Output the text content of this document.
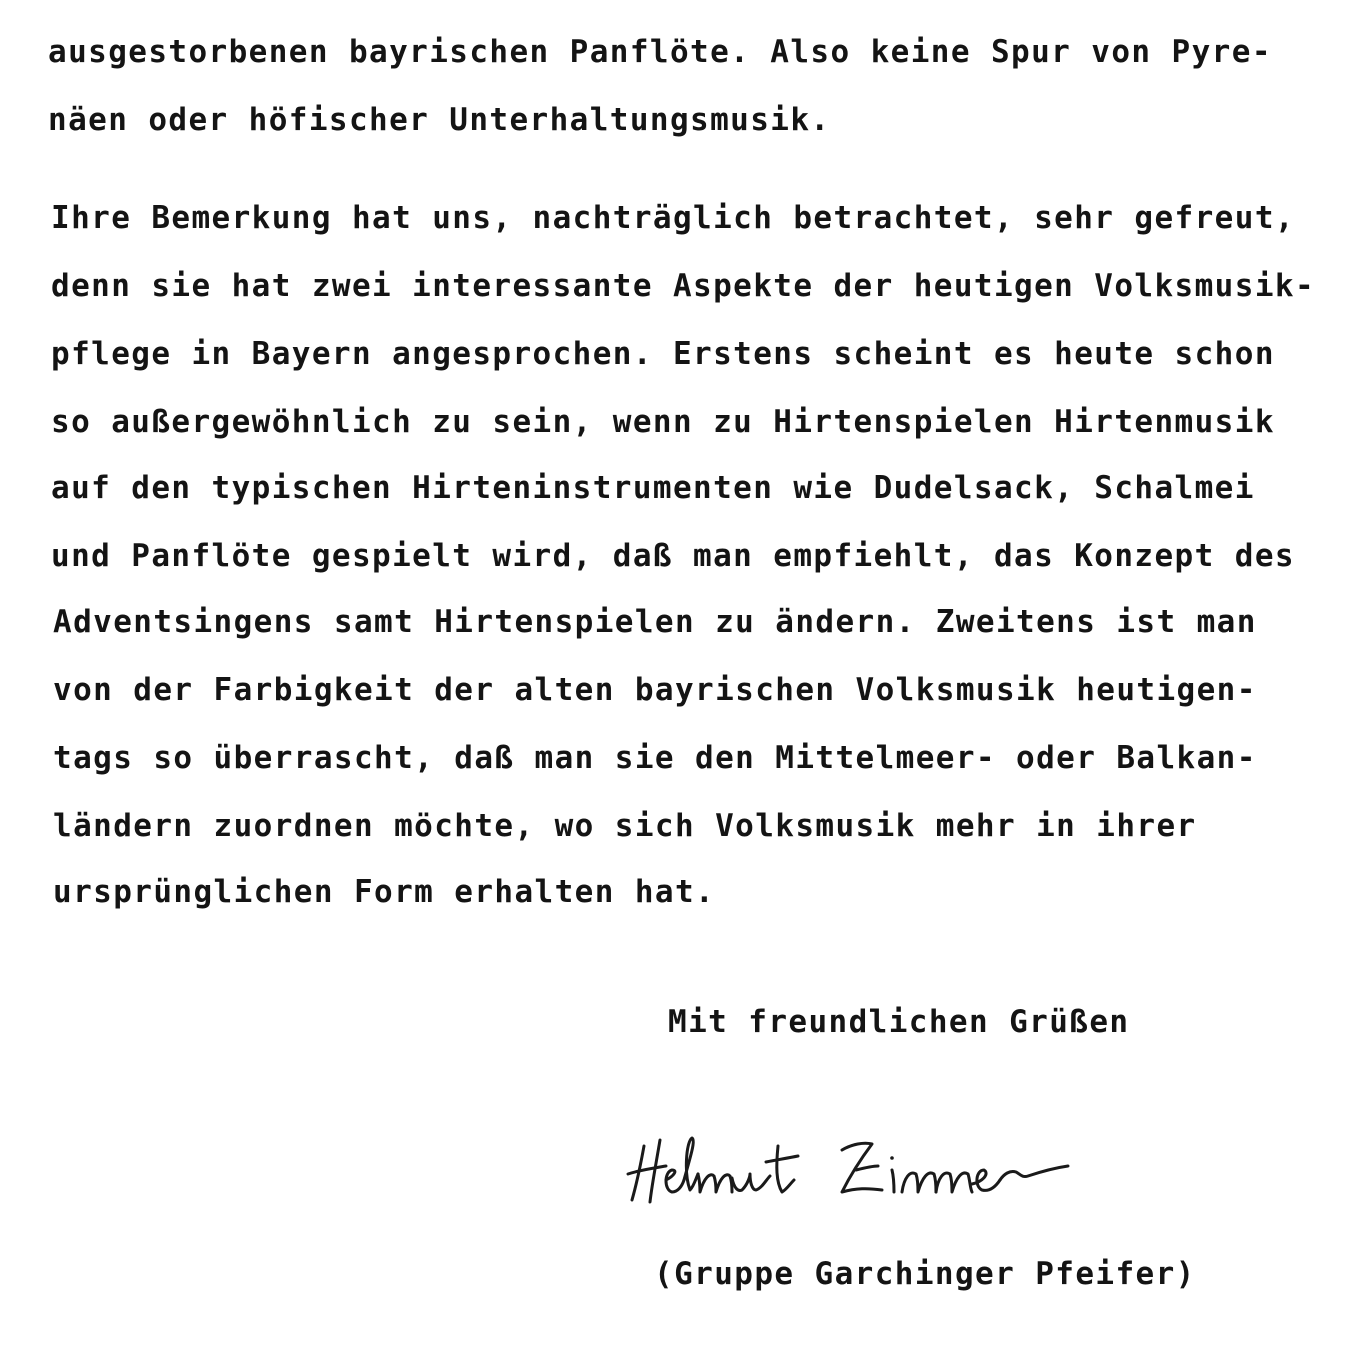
ausgestorbenen bayrischen Panflöte. Also keine Spur von Pyre-
näen oder höfischer Unterhaltungsmusik.
Ihre Bemerkung hat uns, nachträglich betrachtet, sehr gefreut,
denn sie hat zwei interessante Aspekte der heutigen Volksmusik-
pflege in Bayern angesprochen. Erstens scheint es heute schon
so außergewöhnlich zu sein, wenn zu Hirtenspielen Hirtenmusik
auf den typischen Hirteninstrumenten wie Dudelsack, Schalmei
und Panflöte gespielt wird, daß man empfiehlt, das Konzept des
Adventsingens samt Hirtenspielen zu ändern. Zweitens ist man
von der Farbigkeit der alten bayrischen Volksmusik heutigen-
tags so überrascht, daß man sie den Mittelmeer- oder Balkan-
ländern zuordnen möchte, wo sich Volksmusik mehr in ihrer
ursprünglichen Form erhalten hat.
Mit freundlichen Grüßen
(Gruppe Garchinger Pfeifer)
